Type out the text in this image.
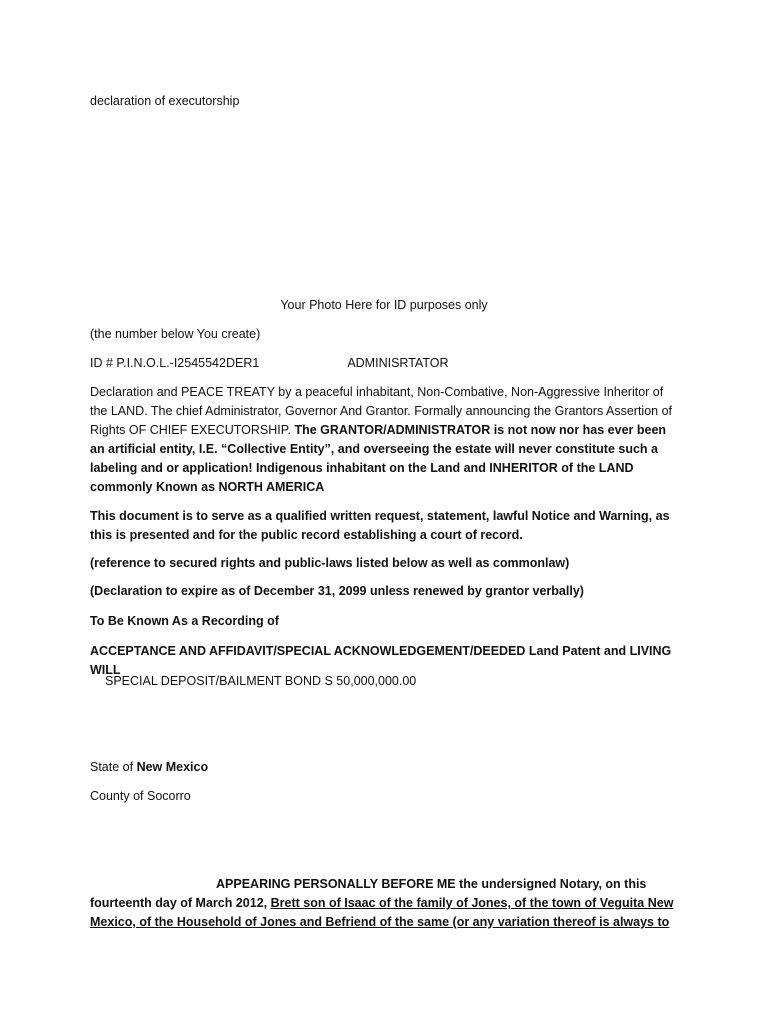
declaration of executorship

Your Photo Here for ID purposes only

(the number below You create)

ID # P.I.N.O.L.-I2545542DER1	ADMINISRTATOR

Declaration and PEACE TREATY by a peaceful inhabitant, Non-Combative, Non-Aggressive Inheritor of the LAND. The chief Administrator, Governor And Grantor. Formally announcing the Grantors Assertion of Rights OF CHIEF EXECUTORSHIP. The GRANTOR/ADMINISTRATOR is not now nor has ever been an artificial entity, I.E. “Collective Entity”, and overseeing the estate will never constitute such a labeling and or application! Indigenous inhabitant on the Land and INHERITOR of the LAND commonly Known as NORTH AMERICA

This document is to serve as a qualified written request, statement, lawful Notice and Warning, as this is presented and for the public record establishing a court of record.

(reference to secured rights and public-laws listed below as well as commonlaw)

(Declaration to expire as of December 31, 2099 unless renewed by grantor verbally)

To Be Known As a Recording of

ACCEPTANCE AND AFFIDAVIT/SPECIAL ACKNOWLEDGEMENT/DEEDED Land Patent and LIVING WILL

SPECIAL DEPOSIT/BAILMENT BOND S 50,000,000.00

State of New Mexico

County of Socorro

APPEARING PERSONALLY BEFORE ME the undersigned Notary, on this fourteenth day of March 2012, Brett son of Isaac of the family of Jones, of the town of Veguita New Mexico, of the Household of Jones and Befriend of the same (or any variation thereof is always to
